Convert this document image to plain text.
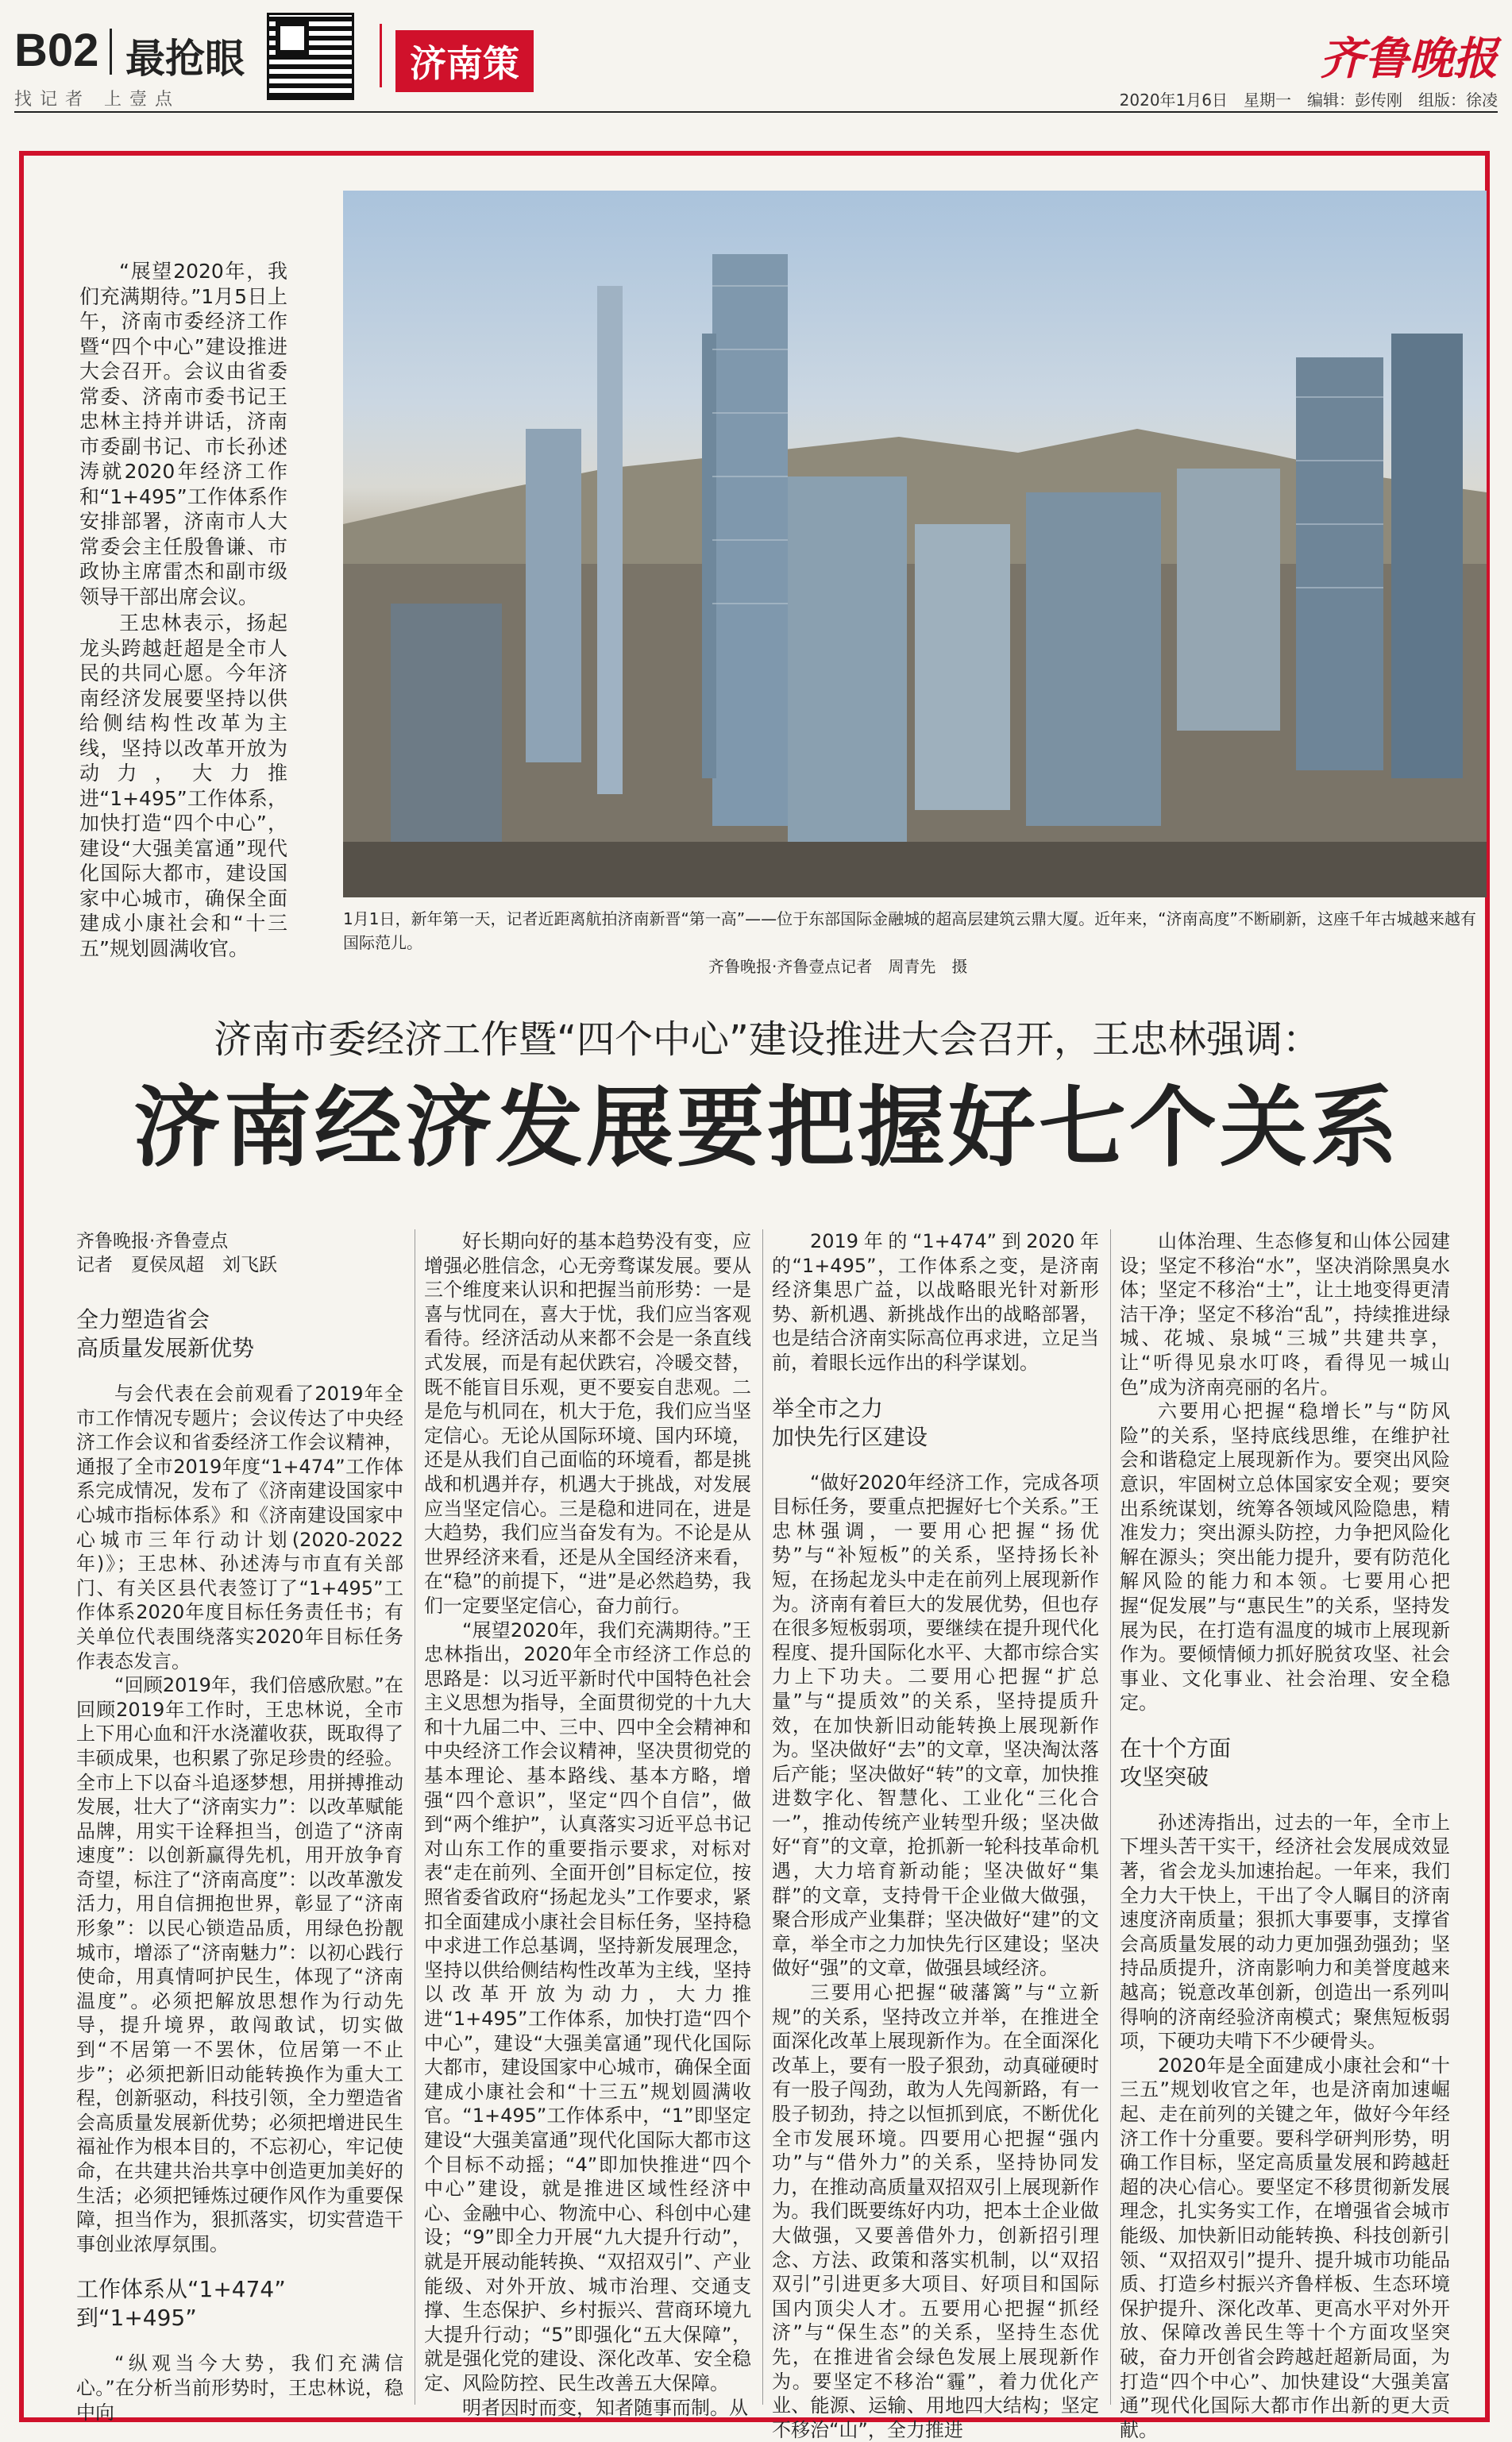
B02 最抢眼	济南策	齐鲁晚报
找记者 上壹点	2020年1月6日　星期一　编辑：彭传刚　组版：徐凌

“展望2020年，我们充满期待。”1月5日上午，济南市委经济工作暨“四个中心”建设推进大会召开。会议由省委常委、济南市委书记王忠林主持并讲话，济南市委副书记、市长孙述涛就2020年经济工作和“1+495”工作体系作安排部署，济南市人大常委会主任殷鲁谦、市政协主席雷杰和副市级领导干部出席会议。

王忠林表示，扬起龙头跨越赶超是全市人民的共同心愿。今年济南经济发展要坚持以供给侧结构性改革为主线，坚持以改革开放为动力，大力推进“1+495”工作体系，加快打造“四个中心”，建设“大强美富通”现代化国际大都市，建设国家中心城市，确保全面建成小康社会和“十三五”规划圆满收官。

1月1日，新年第一天，记者近距离航拍济南新晋“第一高”——位于东部国际金融城的超高层建筑云鼎大厦。近年来，“济南高度”不断刷新，这座千年古城越来越有国际范儿。
齐鲁晚报·齐鲁壹点记者　周青先　摄
济南市委经济工作暨“四个中心”建设推进大会召开，王忠林强调：
济南经济发展要把握好七个关系
齐鲁晚报·齐鲁壹点
记者　夏侯凤超　刘飞跃
全力塑造省会
高质量发展新优势

与会代表在会前观看了2019年全市工作情况专题片；会议传达了中央经济工作会议和省委经济工作会议精神，通报了全市2019年度“1+474”工作体系完成情况，发布了《济南建设国家中心城市指标体系》和《济南建设国家中心城市三年行动计划(2020-2022年)》；王忠林、孙述涛与市直有关部门、有关区县代表签订了“1+495”工作体系2020年度目标任务责任书；有关单位代表围绕落实2020年目标任务作表态发言。

“回顾2019年，我们倍感欣慰。”在回顾2019年工作时，王忠林说，全市上下用心血和汗水浇灌收获，既取得了丰硕成果，也积累了弥足珍贵的经验。全市上下以奋斗追逐梦想，用拼搏推动发展，壮大了“济南实力”：以改革赋能品牌，用实干诠释担当，创造了“济南速度”：以创新赢得先机，用开放争育奇望，标注了“济南高度”：以改革激发活力，用自信拥抱世界，彰显了“济南形象”：以民心锁造品质，用绿色扮靓城市，增添了“济南魅力”：以初心践行使命，用真情呵护民生，体现了“济南温度”。必须把解放思想作为行动先导，提升境界，敢闯敢试，切实做到“不居第一不罢休，位居第一不止步”；必须把新旧动能转换作为重大工程，创新驱动，科技引领，全力塑造省会高质量发展新优势；必须把增进民生福祉作为根本目的，不忘初心，牢记使命，在共建共治共享中创造更加美好的生活；必须把锤炼过硬作风作为重要保障，担当作为，狠抓落实，切实营造干事创业浓厚氛围。

工作体系从“1+474”
到“1+495”

“纵观当今大势，我们充满信心。”在分析当前形势时，王忠林说，稳中向

好长期向好的基本趋势没有变，应增强必胜信念，心无旁骛谋发展。要从三个维度来认识和把握当前形势：一是喜与忧同在，喜大于忧，我们应当客观看待。经济活动从来都不会是一条直线式发展，而是有起伏跌宕，冷暖交替，既不能盲目乐观，更不要妄自悲观。二是危与机同在，机大于危，我们应当坚定信心。无论从国际环境、国内环境，还是从我们自己面临的环境看，都是挑战和机遇并存，机遇大于挑战，对发展应当坚定信心。三是稳和进同在，进是大趋势，我们应当奋发有为。不论是从世界经济来看，还是从全国经济来看，在“稳”的前提下，“进”是必然趋势，我们一定要坚定信心，奋力前行。

“展望2020年，我们充满期待。”王忠林指出，2020年全市经济工作总的思路是：以习近平新时代中国特色社会主义思想为指导，全面贯彻党的十九大和十九届二中、三中、四中全会精神和中央经济工作会议精神，坚决贯彻党的基本理论、基本路线、基本方略，增强“四个意识”，坚定“四个自信”，做到“两个维护”，认真落实习近平总书记对山东工作的重要指示要求，对标对表“走在前列、全面开创”目标定位，按照省委省政府“扬起龙头”工作要求，紧扣全面建成小康社会目标任务，坚持稳中求进工作总基调，坚持新发展理念，坚持以供给侧结构性改革为主线，坚持以改革开放为动力，大力推进“1+495”工作体系，加快打造“四个中心”，建设“大强美富通”现代化国际大都市，建设国家中心城市，确保全面建成小康社会和“十三五”规划圆满收官。“1+495”工作体系中，“1”即坚定建设“大强美富通”现代化国际大都市这个目标不动摇；“4”即加快推进“四个中心”建设，就是推进区域性经济中心、金融中心、物流中心、科创中心建设；“9”即全力开展“九大提升行动”，就是开展动能转换、“双招双引”、产业能级、对外开放、城市治理、交通支撑、生态保护、乡村振兴、营商环境九大提升行动；“5”即强化“五大保障”，就是强化党的建设、深化改革、安全稳定、风险防控、民生改善五大保障。

明者因时而变，知者随事而制。从

2019年的“1+474”到2020年的“1+495”，工作体系之变，是济南经济集思广益，以战略眼光针对新形势、新机遇、新挑战作出的战略部署，也是结合济南实际高位再求进，立足当前，着眼长远作出的科学谋划。

举全市之力
加快先行区建设

“做好2020年经济工作，完成各项目标任务，要重点把握好七个关系。”王忠林强调，一要用心把握“扬优势”与“补短板”的关系，坚持扬长补短，在扬起龙头中走在前列上展现新作为。济南有着巨大的发展优势，但也存在很多短板弱项，要继续在提升现代化程度、提升国际化水平、大都市综合实力上下功夫。二要用心把握“扩总量”与“提质效”的关系，坚持提质升效，在加快新旧动能转换上展现新作为。坚决做好“去”的文章，坚决淘汰落后产能；坚决做好“转”的文章，加快推进数字化、智慧化、工业化“三化合一”，推动传统产业转型升级；坚决做好“育”的文章，抢抓新一轮科技革命机遇，大力培育新动能；坚决做好“集群”的文章，支持骨干企业做大做强，聚合形成产业集群；坚决做好“建”的文章，举全市之力加快先行区建设；坚决做好“强”的文章，做强县域经济。

三要用心把握“破藩篱”与“立新规”的关系，坚持改立并举，在推进全面深化改革上展现新作为。在全面深化改革上，要有一股子狠劲，动真碰硬时有一股子闯劲，敢为人先闯新路，有一股子韧劲，持之以恒抓到底，不断优化全市发展环境。四要用心把握“强内功”与“借外力”的关系，坚持协同发力，在推动高质量双招双引上展现新作为。我们既要练好内功，把本土企业做大做强，又要善借外力，创新招引理念、方法、政策和落实机制，以“双招双引”引进更多大项目、好项目和国际国内顶尖人才。五要用心把握“抓经济”与“保生态”的关系，坚持生态优先，在推进省会绿色发展上展现新作为。要坚定不移治“霾”，着力优化产业、能源、运输、用地四大结构；坚定不移治“山”，全力推进

山体治理、生态修复和山体公园建设；坚定不移治“水”，坚决消除黑臭水体；坚定不移治“土”，让土地变得更清洁干净；坚定不移治“乱”，持续推进绿城、花城、泉城“三城”共建共享，让“听得见泉水叮咚，看得见一城山色”成为济南亮丽的名片。

六要用心把握“稳增长”与“防风险”的关系，坚持底线思维，在维护社会和谐稳定上展现新作为。要突出风险意识，牢固树立总体国家安全观；要突出系统谋划，统筹各领域风险隐患，精准发力；突出源头防控，力争把风险化解在源头；突出能力提升，要有防范化解风险的能力和本领。七要用心把握“促发展”与“惠民生”的关系，坚持发展为民，在打造有温度的城市上展现新作为。要倾情倾力抓好脱贫攻坚、社会事业、文化事业、社会治理、安全稳定。

在十个方面
攻坚突破

孙述涛指出，过去的一年，全市上下埋头苦干实干，经济社会发展成效显著，省会龙头加速抬起。一年来，我们全力大干快上，干出了令人瞩目的济南速度济南质量；狠抓大事要事，支撑省会高质量发展的动力更加强劲强劲；坚持品质提升，济南影响力和美誉度越来越高；锐意改革创新，创造出一系列叫得响的济南经验济南模式；聚焦短板弱项，下硬功夫啃下不少硬骨头。

2020年是全面建成小康社会和“十三五”规划收官之年，也是济南加速崛起、走在前列的关键之年，做好今年经济工作十分重要。要科学研判形势，明确工作目标，坚定高质量发展和跨越赶超的决心信心。要坚定不移贯彻新发展理念，扎实务实工作，在增强省会城市能级、加快新旧动能转换、科技创新引领、“双招双引”提升、提升城市功能品质、打造乡村振兴齐鲁样板、生态环境保护提升、深化改革、更高水平对外开放、保障改善民生等十个方面攻坚突破，奋力开创省会跨越赶超新局面，为打造“四个中心”、加快建设“大强美富通”现代化国际大都市作出新的更大贡献。
